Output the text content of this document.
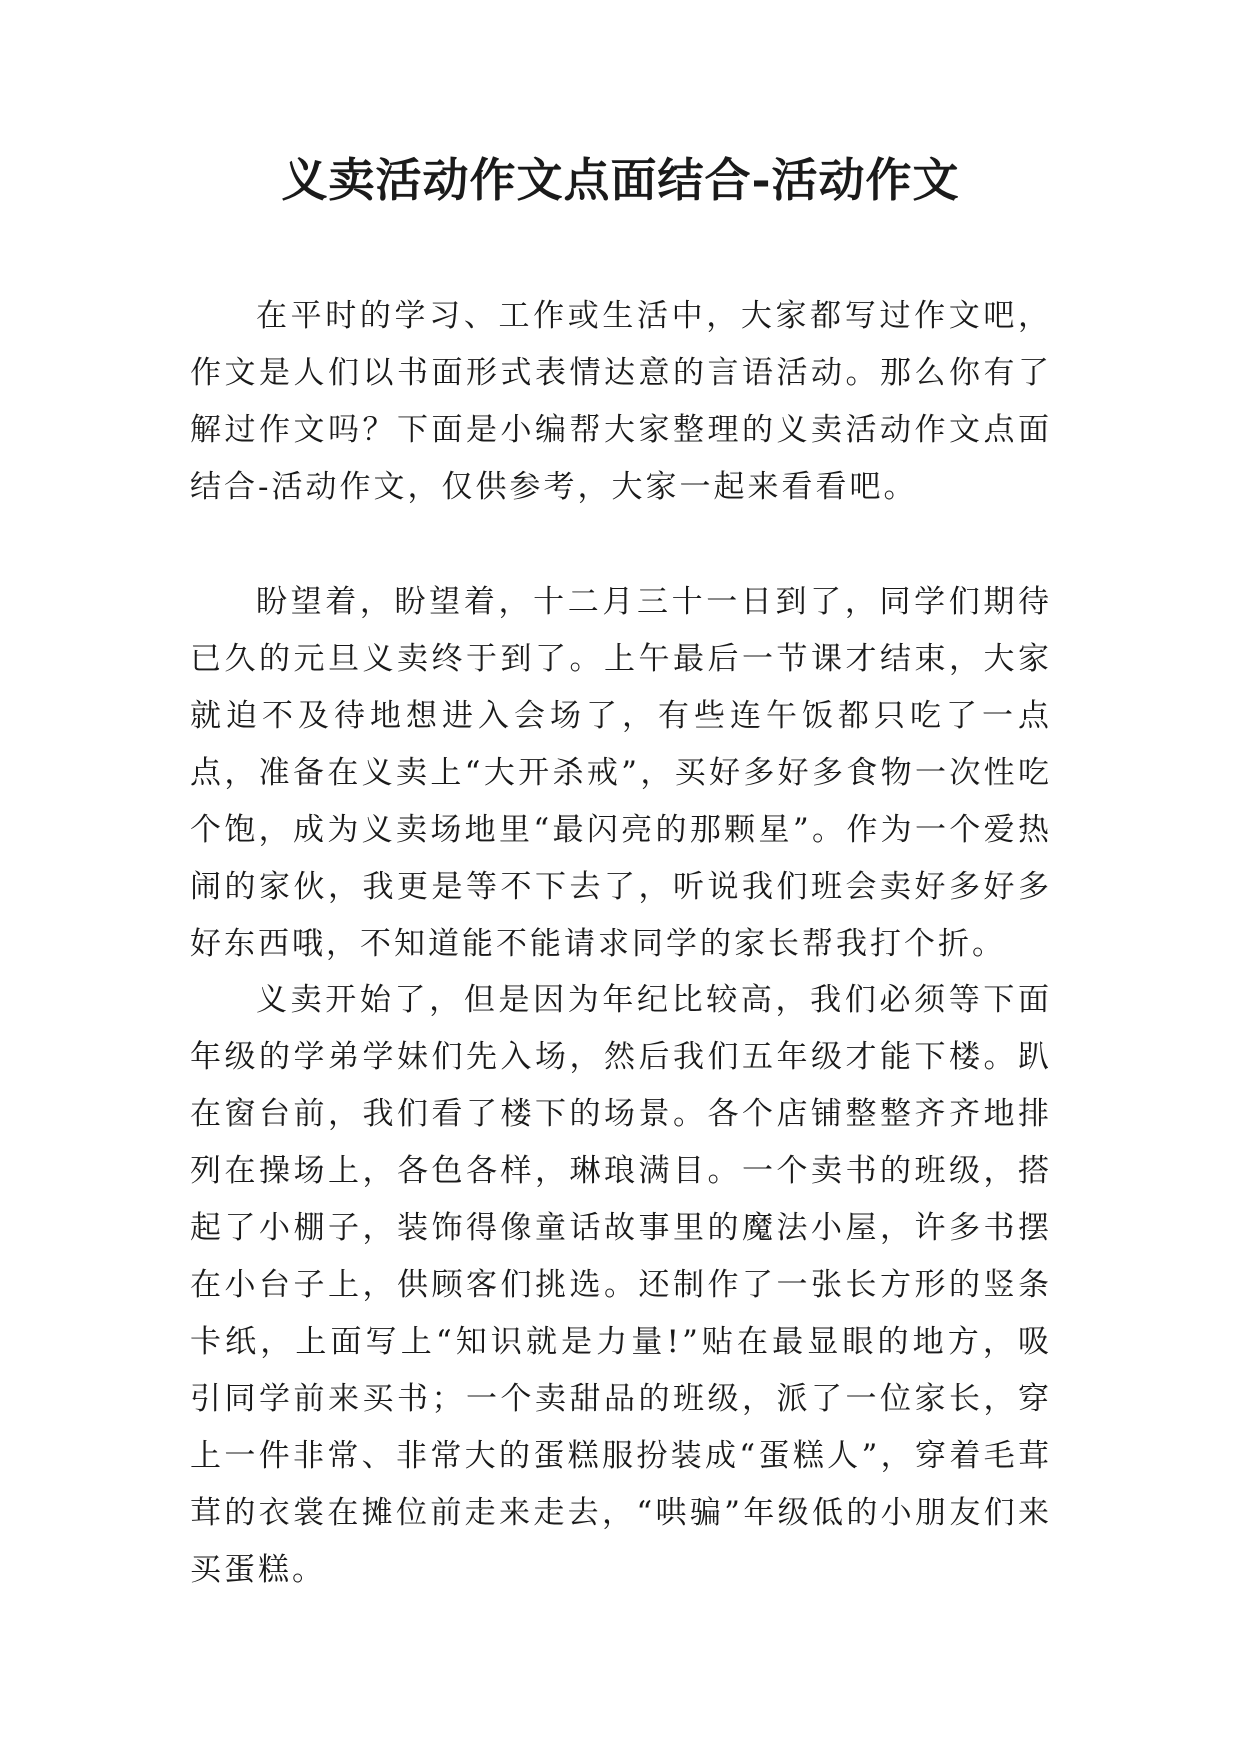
义卖活动作文点面结合-活动作文

在平时的学习、工作或生活中，大家都写过作文吧，作文是人们以书面形式表情达意的言语活动。那么你有了解过作文吗？下面是小编帮大家整理的义卖活动作文点面结合-活动作文，仅供参考，大家一起来看看吧。

盼望着，盼望着，十二月三十一日到了，同学们期待已久的元旦义卖终于到了。上午最后一节课才结束，大家就迫不及待地想进入会场了，有些连午饭都只吃了一点点，准备在义卖上“大开杀戒”，买好多好多食物一次性吃个饱，成为义卖场地里“最闪亮的那颗星”。作为一个爱热闹的家伙，我更是等不下去了，听说我们班会卖好多好多好东西哦，不知道能不能请求同学的家长帮我打个折。

义卖开始了，但是因为年纪比较高，我们必须等下面年级的学弟学妹们先入场，然后我们五年级才能下楼。趴在窗台前，我们看了楼下的场景。各个店铺整整齐齐地排列在操场上，各色各样，琳琅满目。一个卖书的班级，搭起了小棚子，装饰得像童话故事里的魔法小屋，许多书摆在小台子上，供顾客们挑选。还制作了一张长方形的竖条卡纸，上面写上“知识就是力量!”贴在最显眼的地方，吸引同学前来买书；一个卖甜品的班级，派了一位家长，穿上一件非常、非常大的蛋糕服扮装成“蛋糕人”，穿着毛茸茸的衣裳在摊位前走来走去，“哄骗”年级低的小朋友们来买蛋糕。
